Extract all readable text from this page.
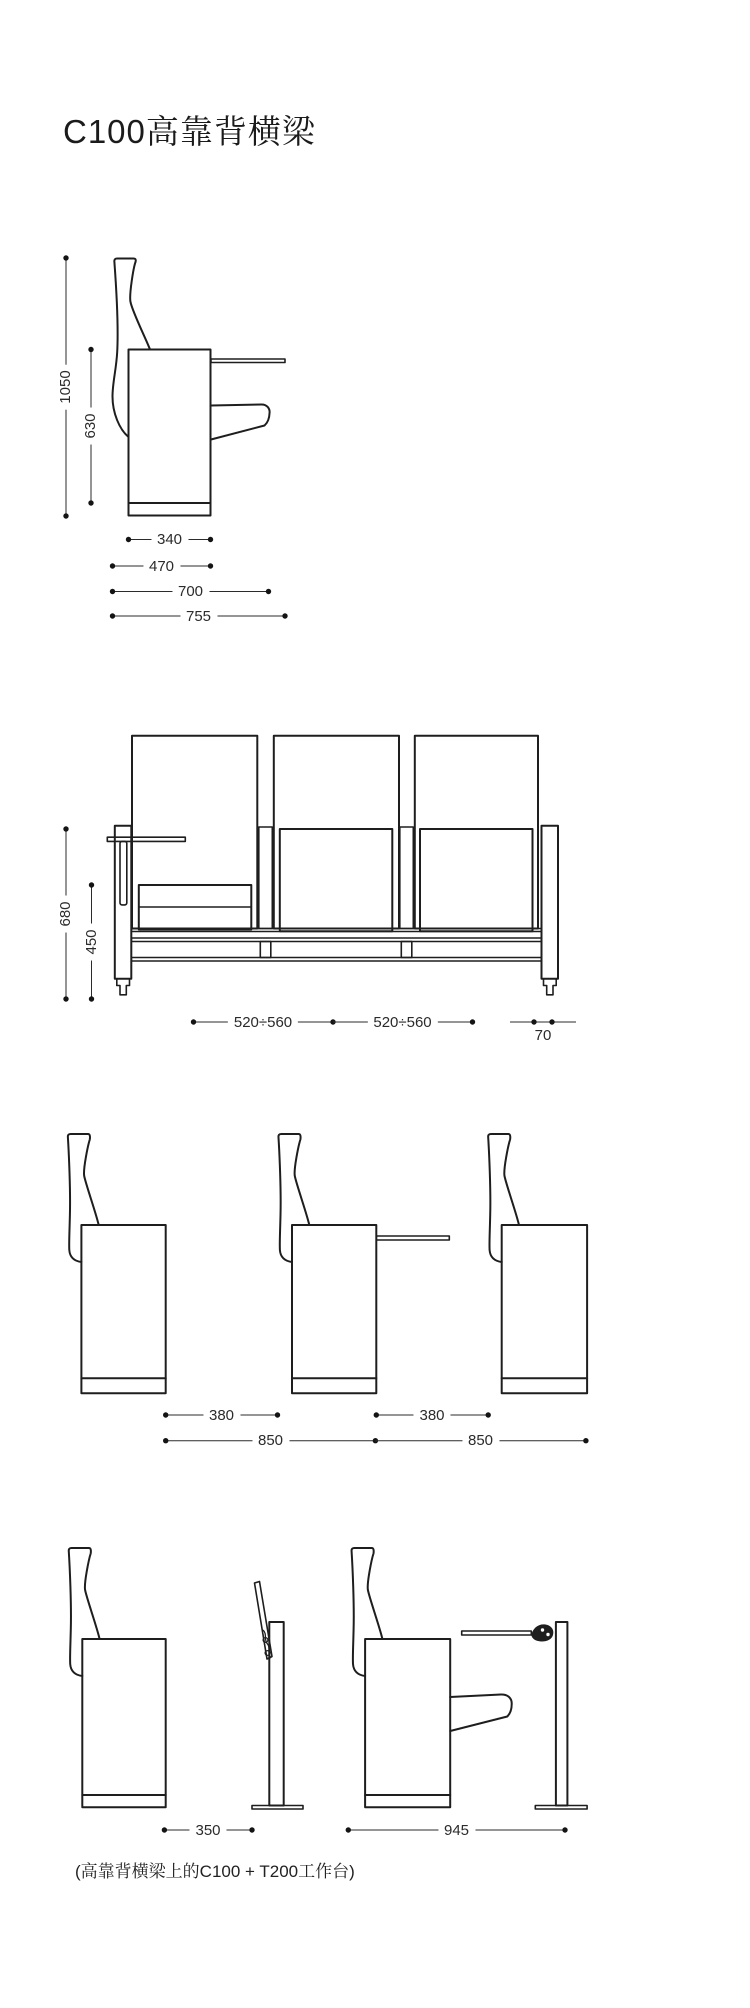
C100高靠背横梁
1050
630
340
470
700
755
680
450
520÷560	520÷560
70
380	380
850	850
350	945
(高靠背横梁上的C100 + T200工作台)
